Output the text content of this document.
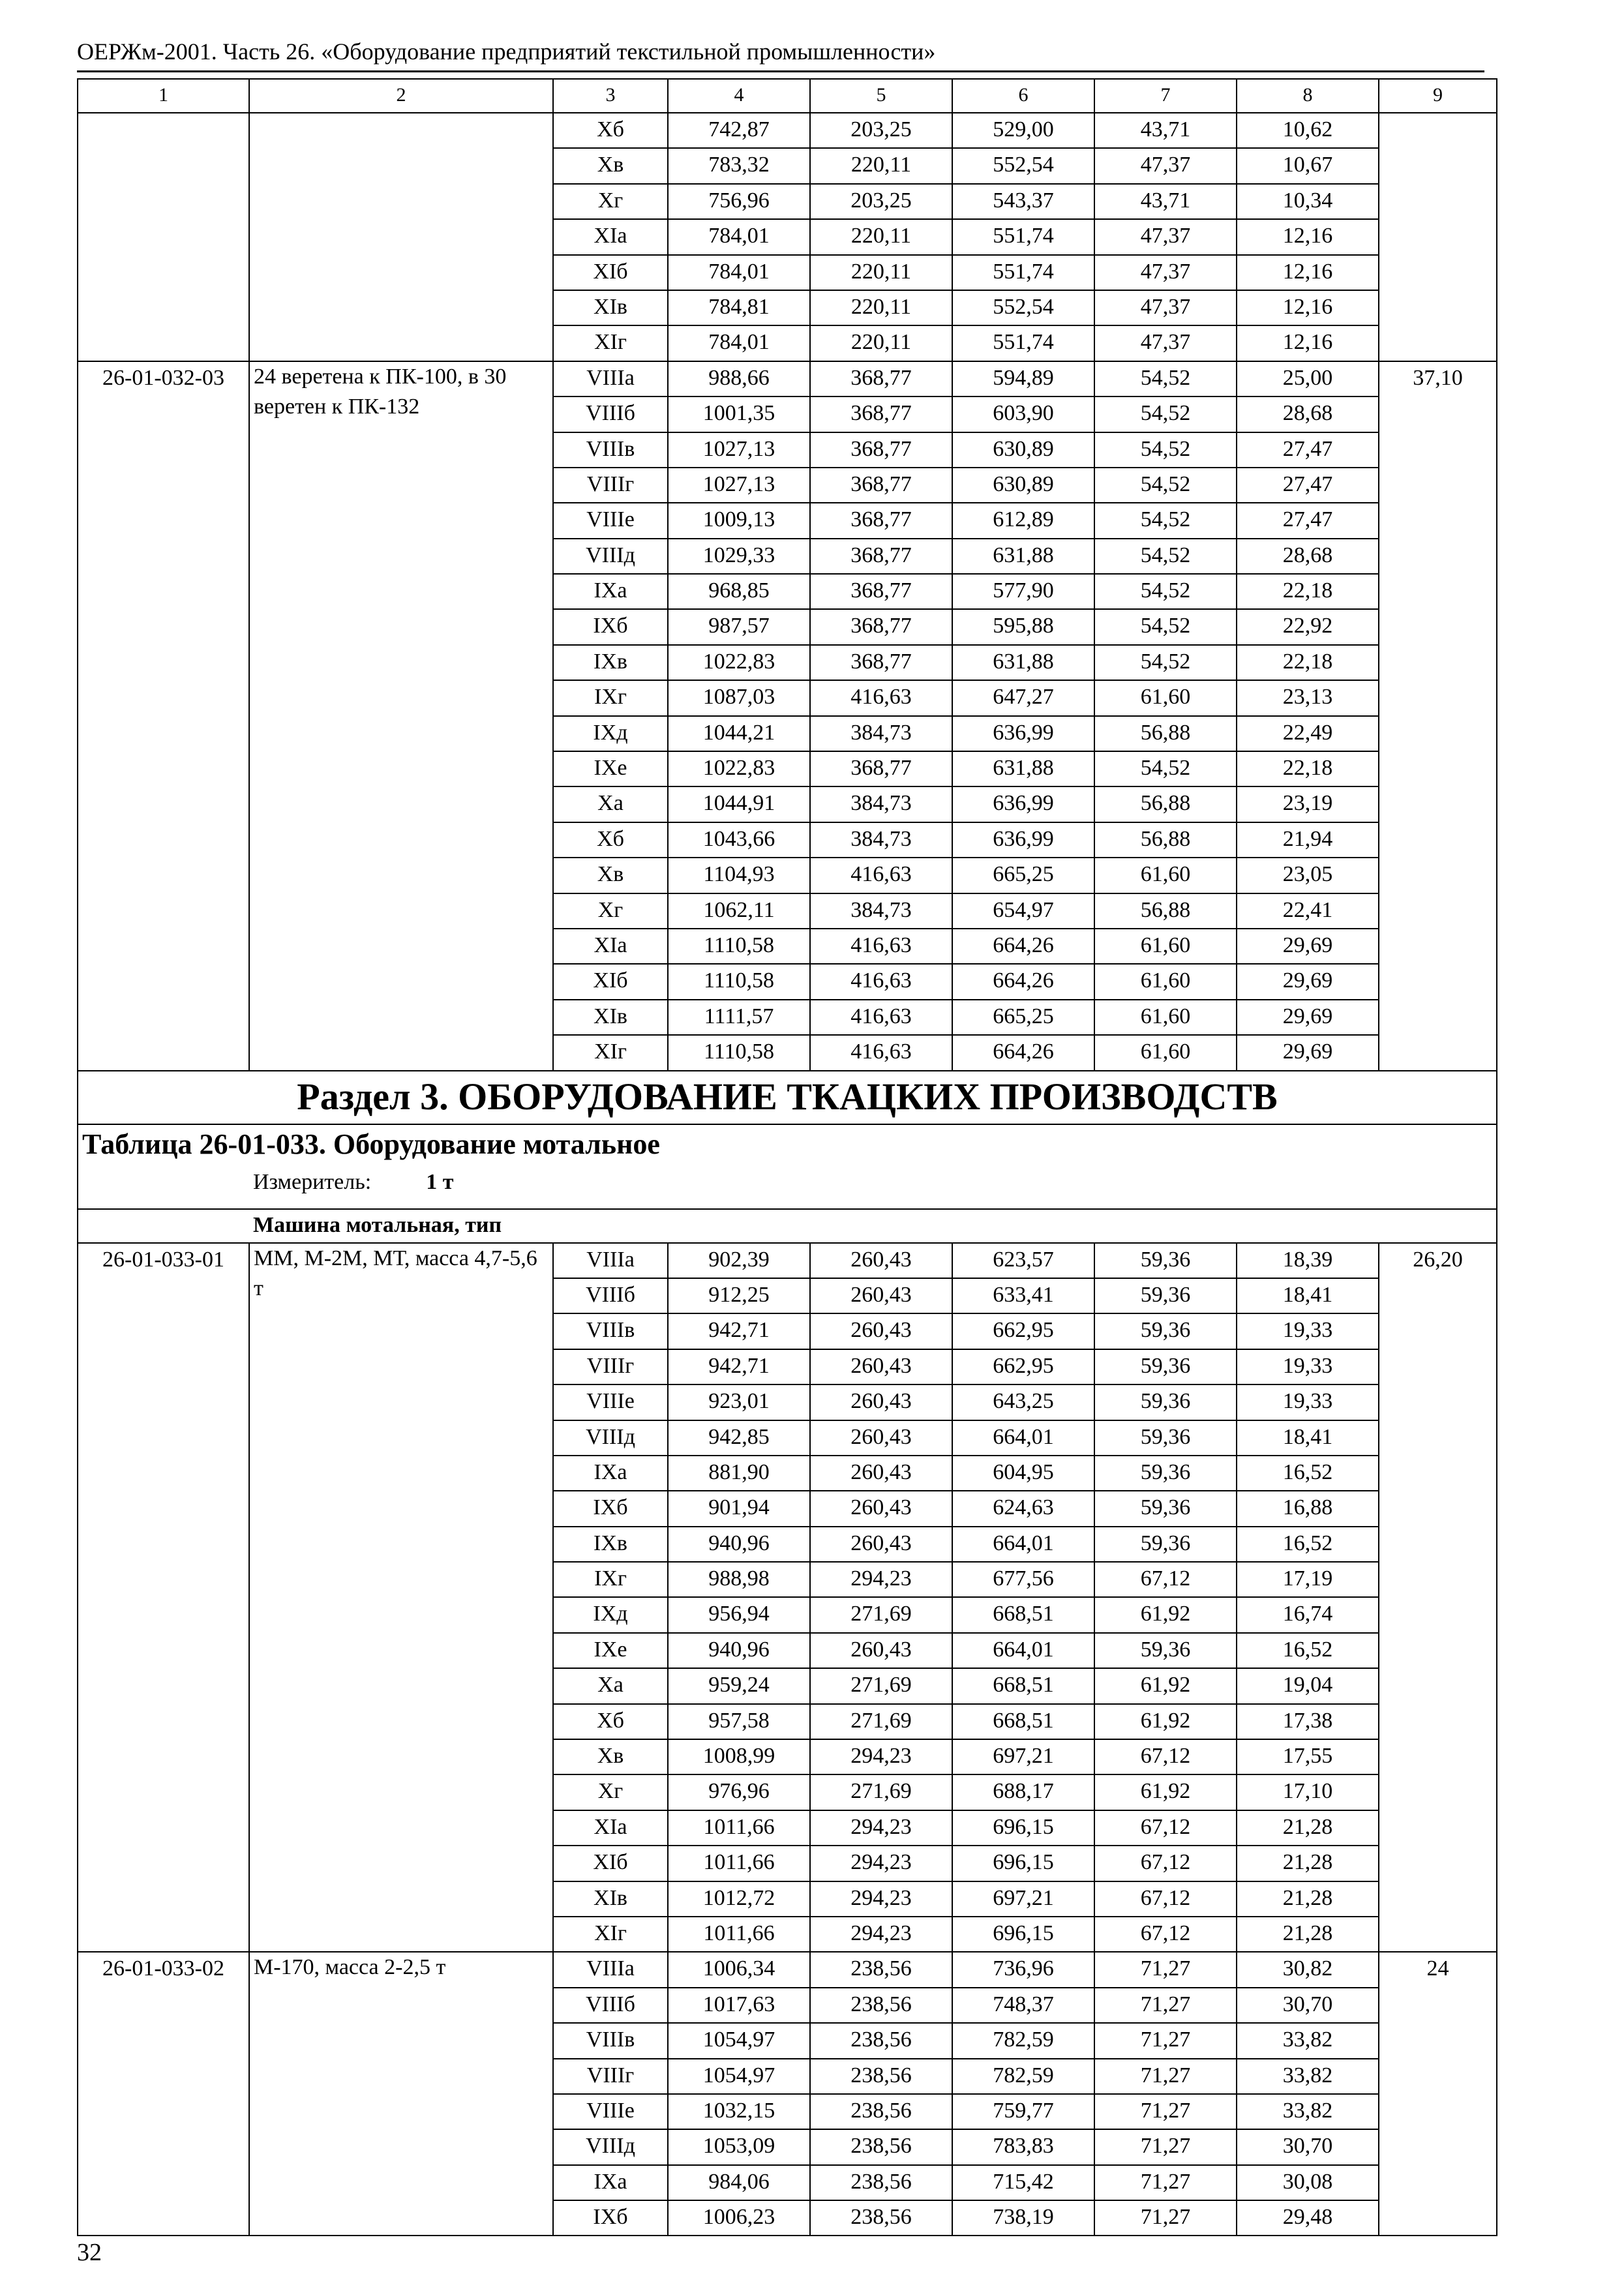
ОЕРЖм-2001. Часть 26. «Оборудование предприятий текстильной промышленности»
1	2	3	4	5	6	7	8	9
		Xб	742,87	203,25	529,00	43,71	10,62	
		Xв	783,32	220,11	552,54	47,37	10,67	
		Xг	756,96	203,25	543,37	43,71	10,34	
		XIа	784,01	220,11	551,74	47,37	12,16	
		XIб	784,01	220,11	551,74	47,37	12,16	
		XIв	784,81	220,11	552,54	47,37	12,16	
		XIг	784,01	220,11	551,74	47,37	12,16	
26-01-032-03	24 веретена к ПК-100, в 30 веретен к ПК-132	VIIIа	988,66	368,77	594,89	54,52	25,00	37,10
		VIIIб	1001,35	368,77	603,90	54,52	28,68	
		VIIIв	1027,13	368,77	630,89	54,52	27,47	
		VIIIг	1027,13	368,77	630,89	54,52	27,47	
		VIIIе	1009,13	368,77	612,89	54,52	27,47	
		VIIIд	1029,33	368,77	631,88	54,52	28,68	
		IXа	968,85	368,77	577,90	54,52	22,18	
		IXб	987,57	368,77	595,88	54,52	22,92	
		IXв	1022,83	368,77	631,88	54,52	22,18	
		IXг	1087,03	416,63	647,27	61,60	23,13	
		IXд	1044,21	384,73	636,99	56,88	22,49	
		IXе	1022,83	368,77	631,88	54,52	22,18	
		Xа	1044,91	384,73	636,99	56,88	23,19	
		Xб	1043,66	384,73	636,99	56,88	21,94	
		Xв	1104,93	416,63	665,25	61,60	23,05	
		Xг	1062,11	384,73	654,97	56,88	22,41	
		XIа	1110,58	416,63	664,26	61,60	29,69	
		XIб	1110,58	416,63	664,26	61,60	29,69	
		XIв	1111,57	416,63	665,25	61,60	29,69	
		XIг	1110,58	416,63	664,26	61,60	29,69	
Раздел 3. ОБОРУДОВАНИЕ ТКАЦКИХ ПРОИЗВОДСТВ								

Таблица 26-01-033. Оборудование мотальное
Измеритель: 1 т								

Машина мотальная, тип								
26-01-033-01	ММ, М-2М, МТ, масса 4,7-5,6 т	VIIIа	902,39	260,43	623,57	59,36	18,39	26,20
		VIIIб	912,25	260,43	633,41	59,36	18,41	
		VIIIв	942,71	260,43	662,95	59,36	19,33	
		VIIIг	942,71	260,43	662,95	59,36	19,33	
		VIIIе	923,01	260,43	643,25	59,36	19,33	
		VIIIд	942,85	260,43	664,01	59,36	18,41	
		IXа	881,90	260,43	604,95	59,36	16,52	
		IXб	901,94	260,43	624,63	59,36	16,88	
		IXв	940,96	260,43	664,01	59,36	16,52	
		IXг	988,98	294,23	677,56	67,12	17,19	
		IXд	956,94	271,69	668,51	61,92	16,74	
		IXе	940,96	260,43	664,01	59,36	16,52	
		Xа	959,24	271,69	668,51	61,92	19,04	
		Xб	957,58	271,69	668,51	61,92	17,38	
		Xв	1008,99	294,23	697,21	67,12	17,55	
		Xг	976,96	271,69	688,17	61,92	17,10	
		XIа	1011,66	294,23	696,15	67,12	21,28	
		XIб	1011,66	294,23	696,15	67,12	21,28	
		XIв	1012,72	294,23	697,21	67,12	21,28	
		XIг	1011,66	294,23	696,15	67,12	21,28	
26-01-033-02	М-170, масса 2-2,5 т	VIIIа	1006,34	238,56	736,96	71,27	30,82	24
		VIIIб	1017,63	238,56	748,37	71,27	30,70	
		VIIIв	1054,97	238,56	782,59	71,27	33,82	
		VIIIг	1054,97	238,56	782,59	71,27	33,82	
		VIIIе	1032,15	238,56	759,77	71,27	33,82	
		VIIIд	1053,09	238,56	783,83	71,27	30,70	
		IXа	984,06	238,56	715,42	71,27	30,08	
		IXб	1006,23	238,56	738,19	71,27	29,48	
32
